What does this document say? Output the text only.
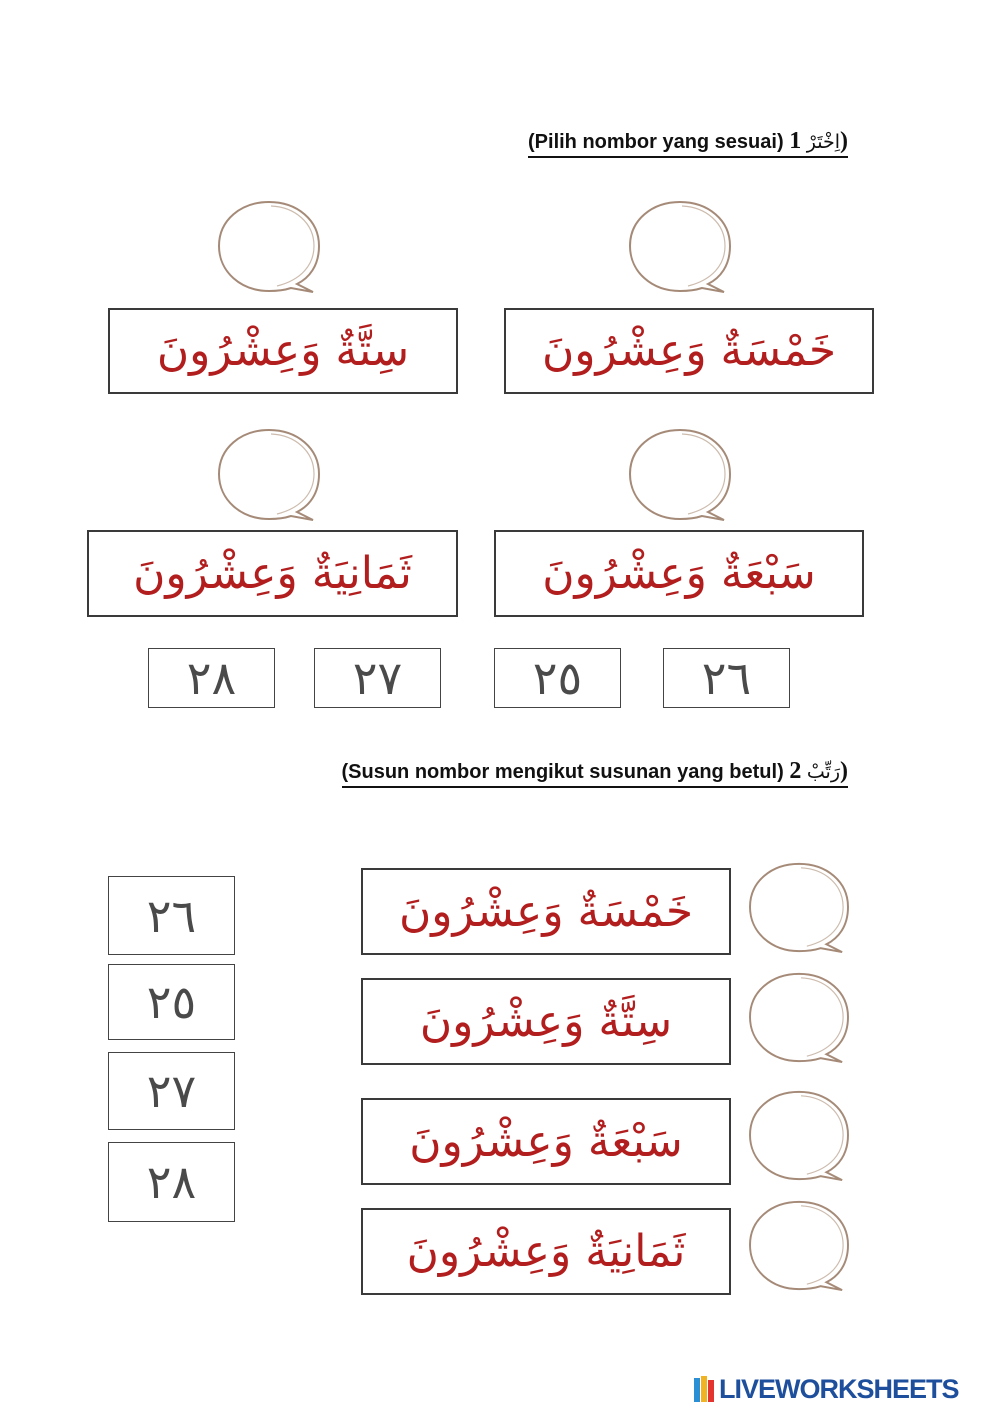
(Pilih nombor yang sesuai) اِخْتَرْ 1)
سِتَّةٌ وَعِشْرُونَ	خَمْسَةٌ وَعِشْرُونَ
ثَمَانِيَةٌ وَعِشْرُونَ	سَبْعَةٌ وَعِشْرُونَ
٢٨	٢٧	٢٥	٢٦
(Susun nombor mengikut susunan yang betul) رَتِّبْ 2)
٢٦
٢٥
٢٧
٢٨
خَمْسَةٌ وَعِشْرُونَ
سِتَّةٌ وَعِشْرُونَ
سَبْعَةٌ وَعِشْرُونَ
ثَمَانِيَةٌ وَعِشْرُونَ
LIVEWORKSHEETS
